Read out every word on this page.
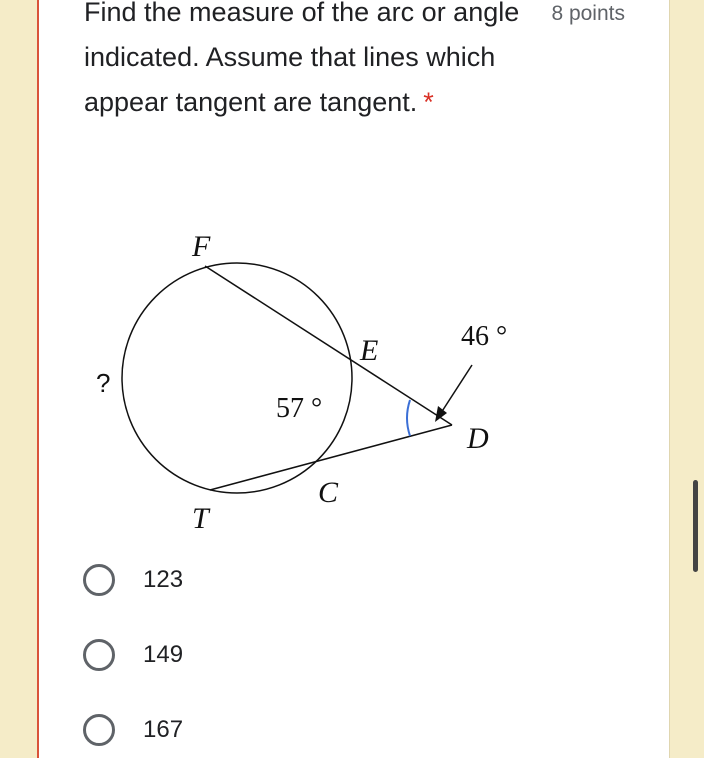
Find the measure of the arc or angle indicated. Assume that lines which appear tangent are tangent. *
8 points
F
E
D
C
T
?
46 °
57 °
123
149
167
